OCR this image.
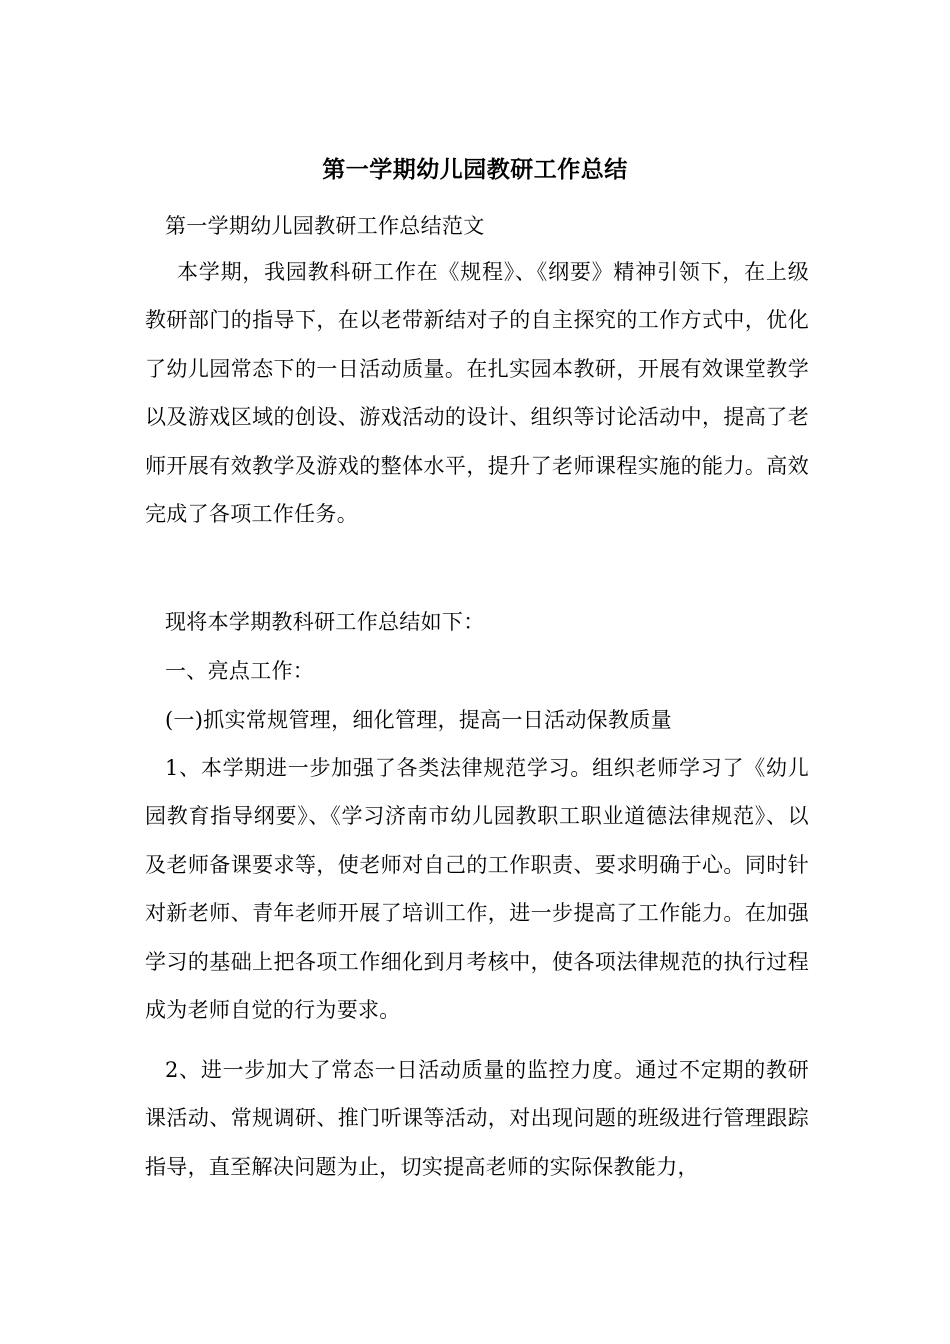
第一学期幼儿园教研工作总结
第一学期幼儿园教研工作总结范文
本学期，我园教科研工作在《规程》、《纲要》精神引领下，在上级教研部门的指导下，在以老带新结对子的自主探究的工作方式中，优化了幼儿园常态下的一日活动质量。在扎实园本教研，开展有效课堂教学以及游戏区域的创设、游戏活动的设计、组织等讨论活动中，提高了老师开展有效教学及游戏的整体水平，提升了老师课程实施的能力。高效完成了各项工作任务。
现将本学期教科研工作总结如下：
一、亮点工作：
(一)抓实常规管理，细化管理，提高一日活动保教质量
1、本学期进一步加强了各类法律规范学习。组织老师学习了《幼儿园教育指导纲要》、《学习济南市幼儿园教职工职业道德法律规范》、以及老师备课要求等，使老师对自己的工作职责、要求明确于心。同时针对新老师、青年老师开展了培训工作，进一步提高了工作能力。在加强学习的基础上把各项工作细化到月考核中，使各项法律规范的执行过程成为老师自觉的行为要求。
2、进一步加大了常态一日活动质量的监控力度。通过不定期的教研课活动、常规调研、推门听课等活动，对出现问题的班级进行管理跟踪指导，直至解决问题为止，切实提高老师的实际保教能力，
